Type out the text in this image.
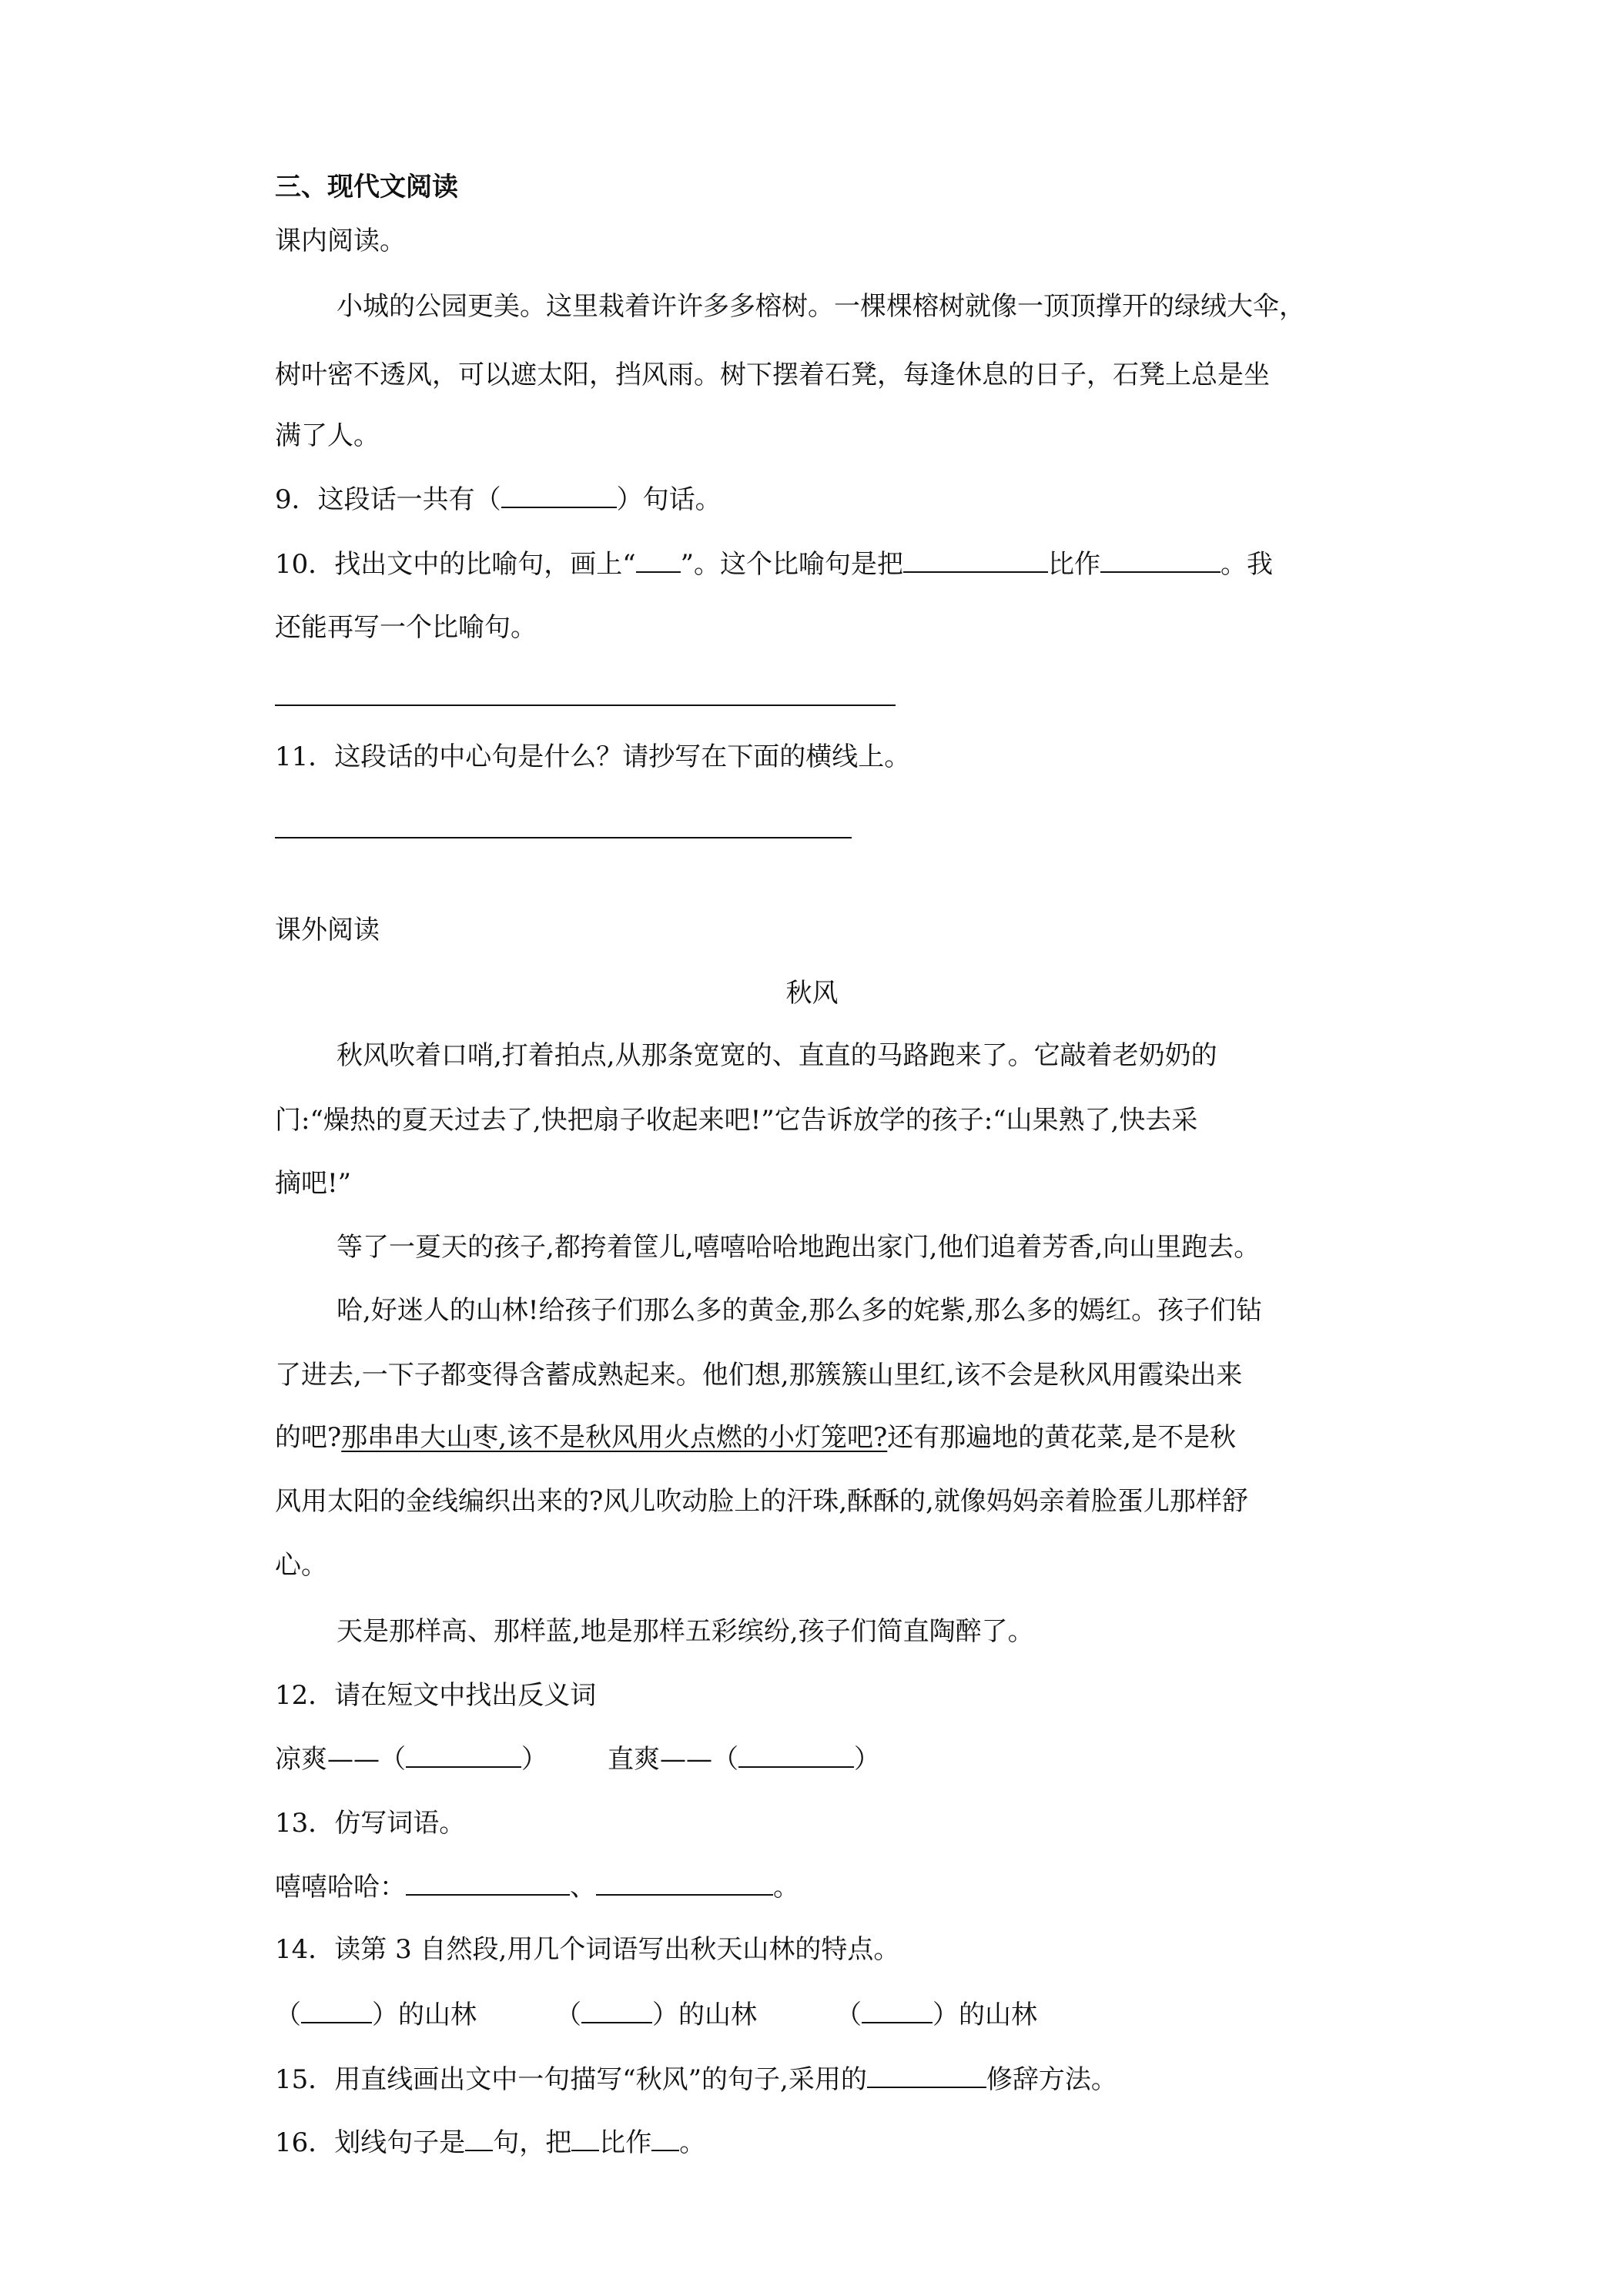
三、现代文阅读
课内阅读。
小城的公园更美。这里栽着许许多多榕树。一棵棵榕树就像一顶顶撑开的绿绒大伞，
树叶密不透风，可以遮太阳，挡风雨。树下摆着石凳，每逢休息的日子，石凳上总是坐
满了人。
9．这段话一共有（	）句话。
10．找出文中的比喻句，画上“ ”。这个比喻句是把	比作	。我
还能再写一个比喻句。
11．这段话的中心句是什么？请抄写在下面的横线上。
课外阅读
秋风
秋风吹着口哨,打着拍点,从那条宽宽的、直直的马路跑来了。它敲着老奶奶的
门:“燥热的夏天过去了,快把扇子收起来吧!”它告诉放学的孩子:“山果熟了,快去采
摘吧!”
等了一夏天的孩子,都挎着筐儿,嘻嘻哈哈地跑出家门,他们追着芳香,向山里跑去。
哈,好迷人的山林!给孩子们那么多的黄金,那么多的姹紫,那么多的嫣红。孩子们钻
了进去,一下子都变得含蓄成熟起来。他们想,那簇簇山里红,该不会是秋风用霞染出来
的吧?那串串大山枣,该不是秋风用火点燃的小灯笼吧?还有那遍地的黄花菜,是不是秋
风用太阳的金线编织出来的?风儿吹动脸上的汗珠,酥酥的,就像妈妈亲着脸蛋儿那样舒
心。
天是那样高、那样蓝,地是那样五彩缤纷,孩子们简直陶醉了。
12．请在短文中找出反义词
凉爽——（	） 直爽——（	）
13．仿写词语。
嘻嘻哈哈：	、	。
14．读第 3 自然段,用几个词语写出秋天山林的特点。
（	）的山林	（	）的山林	（	）的山林
15．用直线画出文中一句描写“秋风”的句子,采用的	修辞方法。
16．划线句子是 句，把 比作 。
